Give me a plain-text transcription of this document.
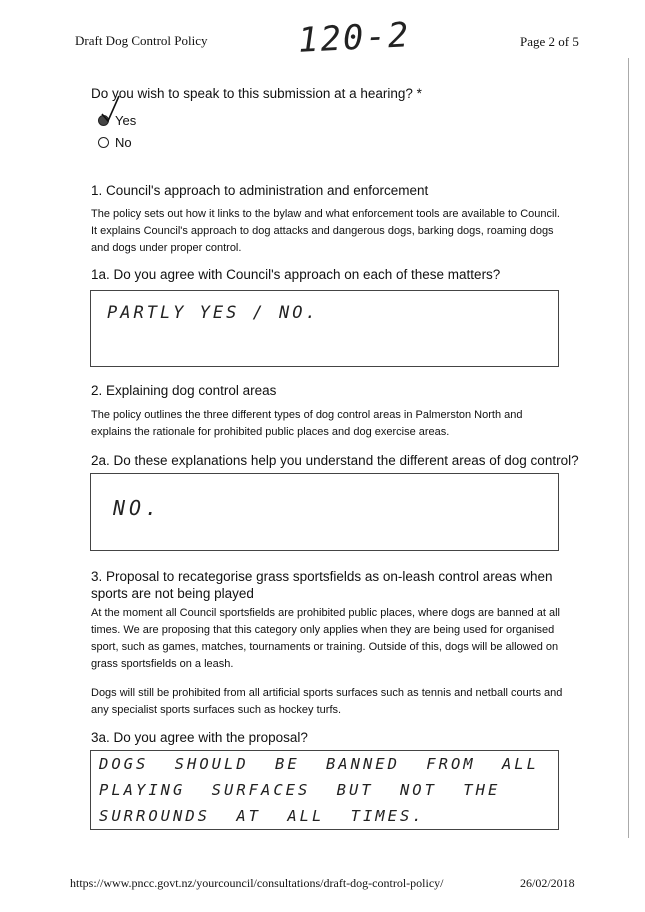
Draft Dog Control Policy	120-2	Page 2 of 5
Do you wish to speak to this submission at a hearing? *
Yes
No
1. Council's approach to administration and enforcement
The policy sets out how it links to the bylaw and what enforcement tools are available to Council. It explains Council's approach to dog attacks and dangerous dogs, barking dogs, roaming dogs and dogs under proper control.
1a. Do you agree with Council's approach on each of these matters?
PARTLY YES / NO.
2. Explaining dog control areas
The policy outlines the three different types of dog control areas in Palmerston North and explains the rationale for prohibited public places and dog exercise areas.
2a. Do these explanations help you understand the different areas of dog control?
NO.
3. Proposal to recategorise grass sportsfields as on-leash control areas when sports are not being played
At the moment all Council sportsfields are prohibited public places, where dogs are banned at all times. We are proposing that this category only applies when they are being used for organised sport, such as games, matches, tournaments or training. Outside of this, dogs will be allowed on grass sportsfields on a leash.
Dogs will still be prohibited from all artificial sports surfaces such as tennis and netball courts and any specialist sports surfaces such as hockey turfs.
3a. Do you agree with the proposal?
DOGS SHOULD BE BANNED FROM ALL
PLAYING SURFACES BUT NOT THE
SURROUNDS AT ALL TIMES.
https://www.pncc.govt.nz/yourcouncil/consultations/draft-dog-control-policy/	26/02/2018
